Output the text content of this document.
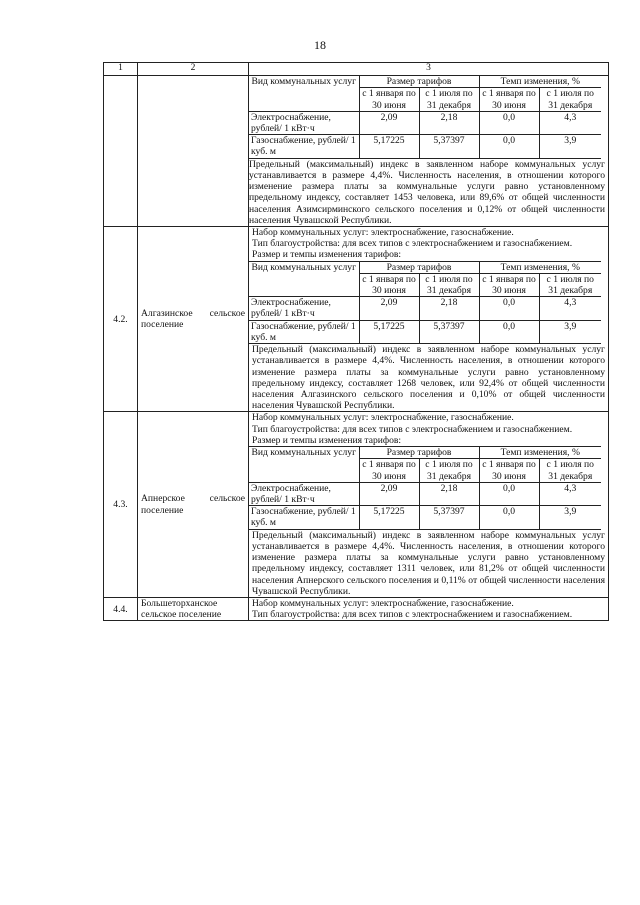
18
1	2	3

Вид коммунальных услуг	Размер тарифов	Темп изменения, %
с 1 января по 30 июня	с 1 июля по 31 декабря	с 1 января по 30 июня	с 1 июля по 31 декабря
Электроснабжение, рублей/ 1 кВт·ч	2,09	2,18	0,0	4,3
Газоснабжение, рублей/ 1 куб. м	5,17225	5,37397	0,0	3,9

Предельный (максимальный) индекс в заявленном наборе коммунальных услуг устанавливается в размере 4,4%. Численность населения, в отношении которого изменение размера платы за коммунальные услуги равно установленному предельному индексу, составляет 1453 человека, или 89,6% от общей численности населения Азимсирминского сельского поселения и 0,12% от общей численности населения Чувашской Республики.

4.2.	Алгазинское сельское поселение	

Набор коммунальных услуг: электроснабжение, газоснабжение.

Тип благоустройства: для всех типов с электроснабжением и газоснабжением.

Размер и темпы изменения тарифов:

Вид коммунальных услуг	Размер тарифов	Темп изменения, %
с 1 января по 30 июня	с 1 июля по 31 декабря	с 1 января по 30 июня	с 1 июля по 31 декабря
Электроснабжение, рублей/ 1 кВт·ч	2,09	2,18	0,0	4,3
Газоснабжение, рублей/ 1 куб. м	5,17225	5,37397	0,0	3,9

Предельный (максимальный) индекс в заявленном наборе коммунальных услуг устанавливается в размере 4,4%. Численность населения, в отношении которого изменение размера платы за коммунальные услуги равно установленному предельному индексу, составляет 1268 человек, или 92,4% от общей численности населения Алгазинского сельского поселения и 0,10% от общей численности населения Чувашской Республики.

4.3.	Апнерское сельское поселение	

Набор коммунальных услуг: электроснабжение, газоснабжение.

Тип благоустройства: для всех типов с электроснабжением и газоснабжением.

Размер и темпы изменения тарифов:

Вид коммунальных услуг	Размер тарифов	Темп изменения, %
с 1 января по 30 июня	с 1 июля по 31 декабря	с 1 января по 30 июня	с 1 июля по 31 декабря
Электроснабжение, рублей/ 1 кВт·ч	2,09	2,18	0,0	4,3
Газоснабжение, рублей/ 1 куб. м	5,17225	5,37397	0,0	3,9

Предельный (максимальный) индекс в заявленном наборе коммунальных услуг устанавливается в размере 4,4%. Численность населения, в отношении которого изменение размера платы за коммунальные услуги равно установленному предельному индексу, составляет 1311 человек, или 81,2% от общей численности населения Апнерского сельского поселения и 0,11% от общей численности населения Чувашской Республики.

4.4.	Большеторханское сельское поселение	

Набор коммунальных услуг: электроснабжение, газоснабжение.

Тип благоустройства: для всех типов с электроснабжением и газоснабжением.
